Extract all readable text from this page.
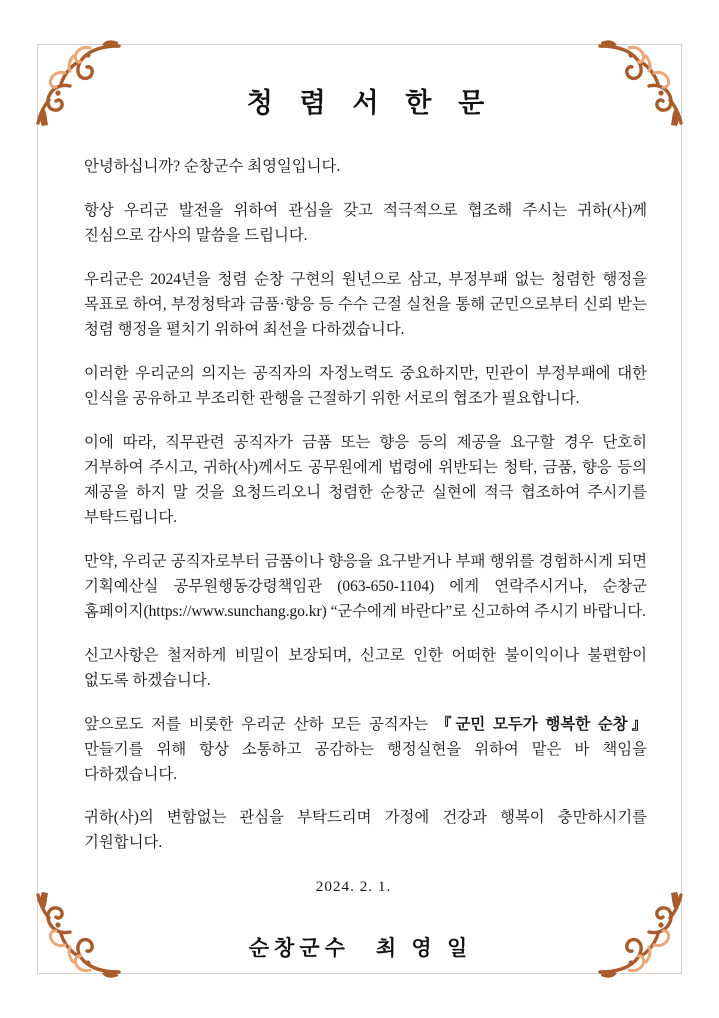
청 렴 서 한 문

안녕하십니까? 순창군수 최영일입니다.

항상 우리군 발전을 위하여 관심을 갖고 적극적으로 협조해 주시는 귀하(사)께 진심으로 감사의 말씀을 드립니다.

우리군은 2024년을 청렴 순창 구현의 원년으로 삼고, 부정부패 없는 청렴한 행정을 목표로 하여, 부정청탁과 금품·향응 등 수수 근절 실천을 통해 군민으로부터 신뢰 받는 청렴 행정을 펼치기 위하여 최선을 다하겠습니다.

이러한 우리군의 의지는 공직자의 자정노력도 중요하지만, 민관이 부정부패에 대한 인식을 공유하고 부조리한 관행을 근절하기 위한 서로의 협조가 필요합니다.

이에 따라, 직무관련 공직자가 금품 또는 향응 등의 제공을 요구할 경우 단호히 거부하여 주시고, 귀하(사)께서도 공무원에게 법령에 위반되는 청탁, 금품, 향응 등의 제공을 하지 말 것을 요청드리오니 청렴한 순창군 실현에 적극 협조하여 주시기를 부탁드립니다.

만약, 우리군 공직자로부터 금품이나 향응을 요구받거나 부패 행위를 경험하시게 되면 기획예산실 공무원행동강령책임관 (063-650-1104) 에게 연락주시거나, 순창군 홈페이지(https://www.sunchang.go.kr) “군수에게 바란다”로 신고하여 주시기 바랍니다.

신고사항은 철저하게 비밀이 보장되며, 신고로 인한 어떠한 불이익이나 불편함이 없도록 하겠습니다.

앞으로도 저를 비롯한 우리군 산하 모든 공직자는 『군민 모두가 행복한 순창』 만들기를 위해 항상 소통하고 공감하는 행정실현을 위하여 맡은 바 책임을 다하겠습니다.

귀하(사)의 변함없는 관심을 부탁드리며 가정에 건강과 행복이 충만하시기를 기원합니다.

2024. 2. 1.

순창군수 최 영 일
